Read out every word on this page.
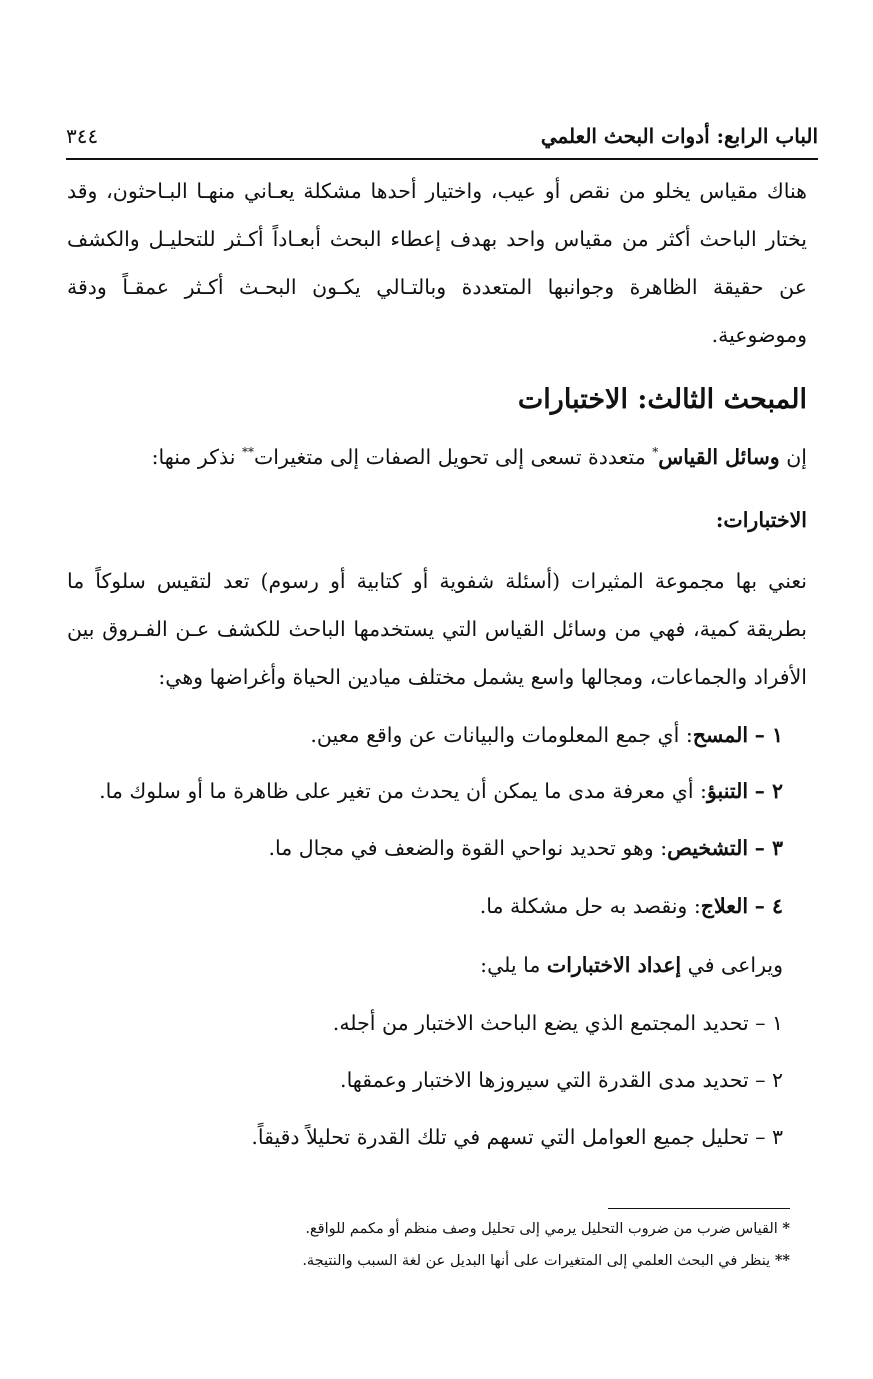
الباب الرابع: أدوات البحث العلمي
٣٤٤

هناك مقياس يخلو من نقص أو عيب، واختيار أحدها مشكلة يعـاني منهـا البـاحثون، وقد يختار الباحث أكثر من مقياس واحد بهدف إعطاء البحث أبعـاداً أكـثر للتحليـل والكشف عن حقيقة الظاهرة وجوانبها المتعددة وبالتـالي يكـون البحـث أكـثر عمقـاً ودقة وموضوعية.

المبحث الثالث: الاختبارات

إن وسائل القياس* متعددة تسعى إلى تحويل الصفات إلى متغيرات** نذكر منها:

الاختبارات:

نعني بها مجموعة المثيرات (أسئلة شفوية أو كتابية أو رسوم) تعد لتقيس سلوكاً ما بطريقة كمية، فهي من وسائل القياس التي يستخدمها الباحث للكشف عـن الفـروق بين الأفراد والجماعات، ومجالها واسع يشمل مختلف ميادين الحياة وأغراضها وهي:

١ – المسح: أي جمع المعلومات والبيانات عن واقع معين.

٢ – التنبؤ: أي معرفة مدى ما يمكن أن يحدث من تغير على ظاهرة ما أو سلوك ما.

٣ – التشخيص: وهو تحديد نواحي القوة والضعف في مجال ما.

٤ – العلاج: ونقصد به حل مشكلة ما.

ويراعى في إعداد الاختبارات ما يلي:

١ – تحديد المجتمع الذي يضع الباحث الاختبار من أجله.

٢ – تحديد مدى القدرة التي سيروزها الاختبار وعمقها.

٣ – تحليل جميع العوامل التي تسهم في تلك القدرة تحليلاً دقيقاً.

* القياس ضرب من ضروب التحليل يرمي إلى تحليل وصف منظم أو مكمم للواقع.

** ينظر في البحث العلمي إلى المتغيرات على أنها البديل عن لغة السبب والنتيجة.
